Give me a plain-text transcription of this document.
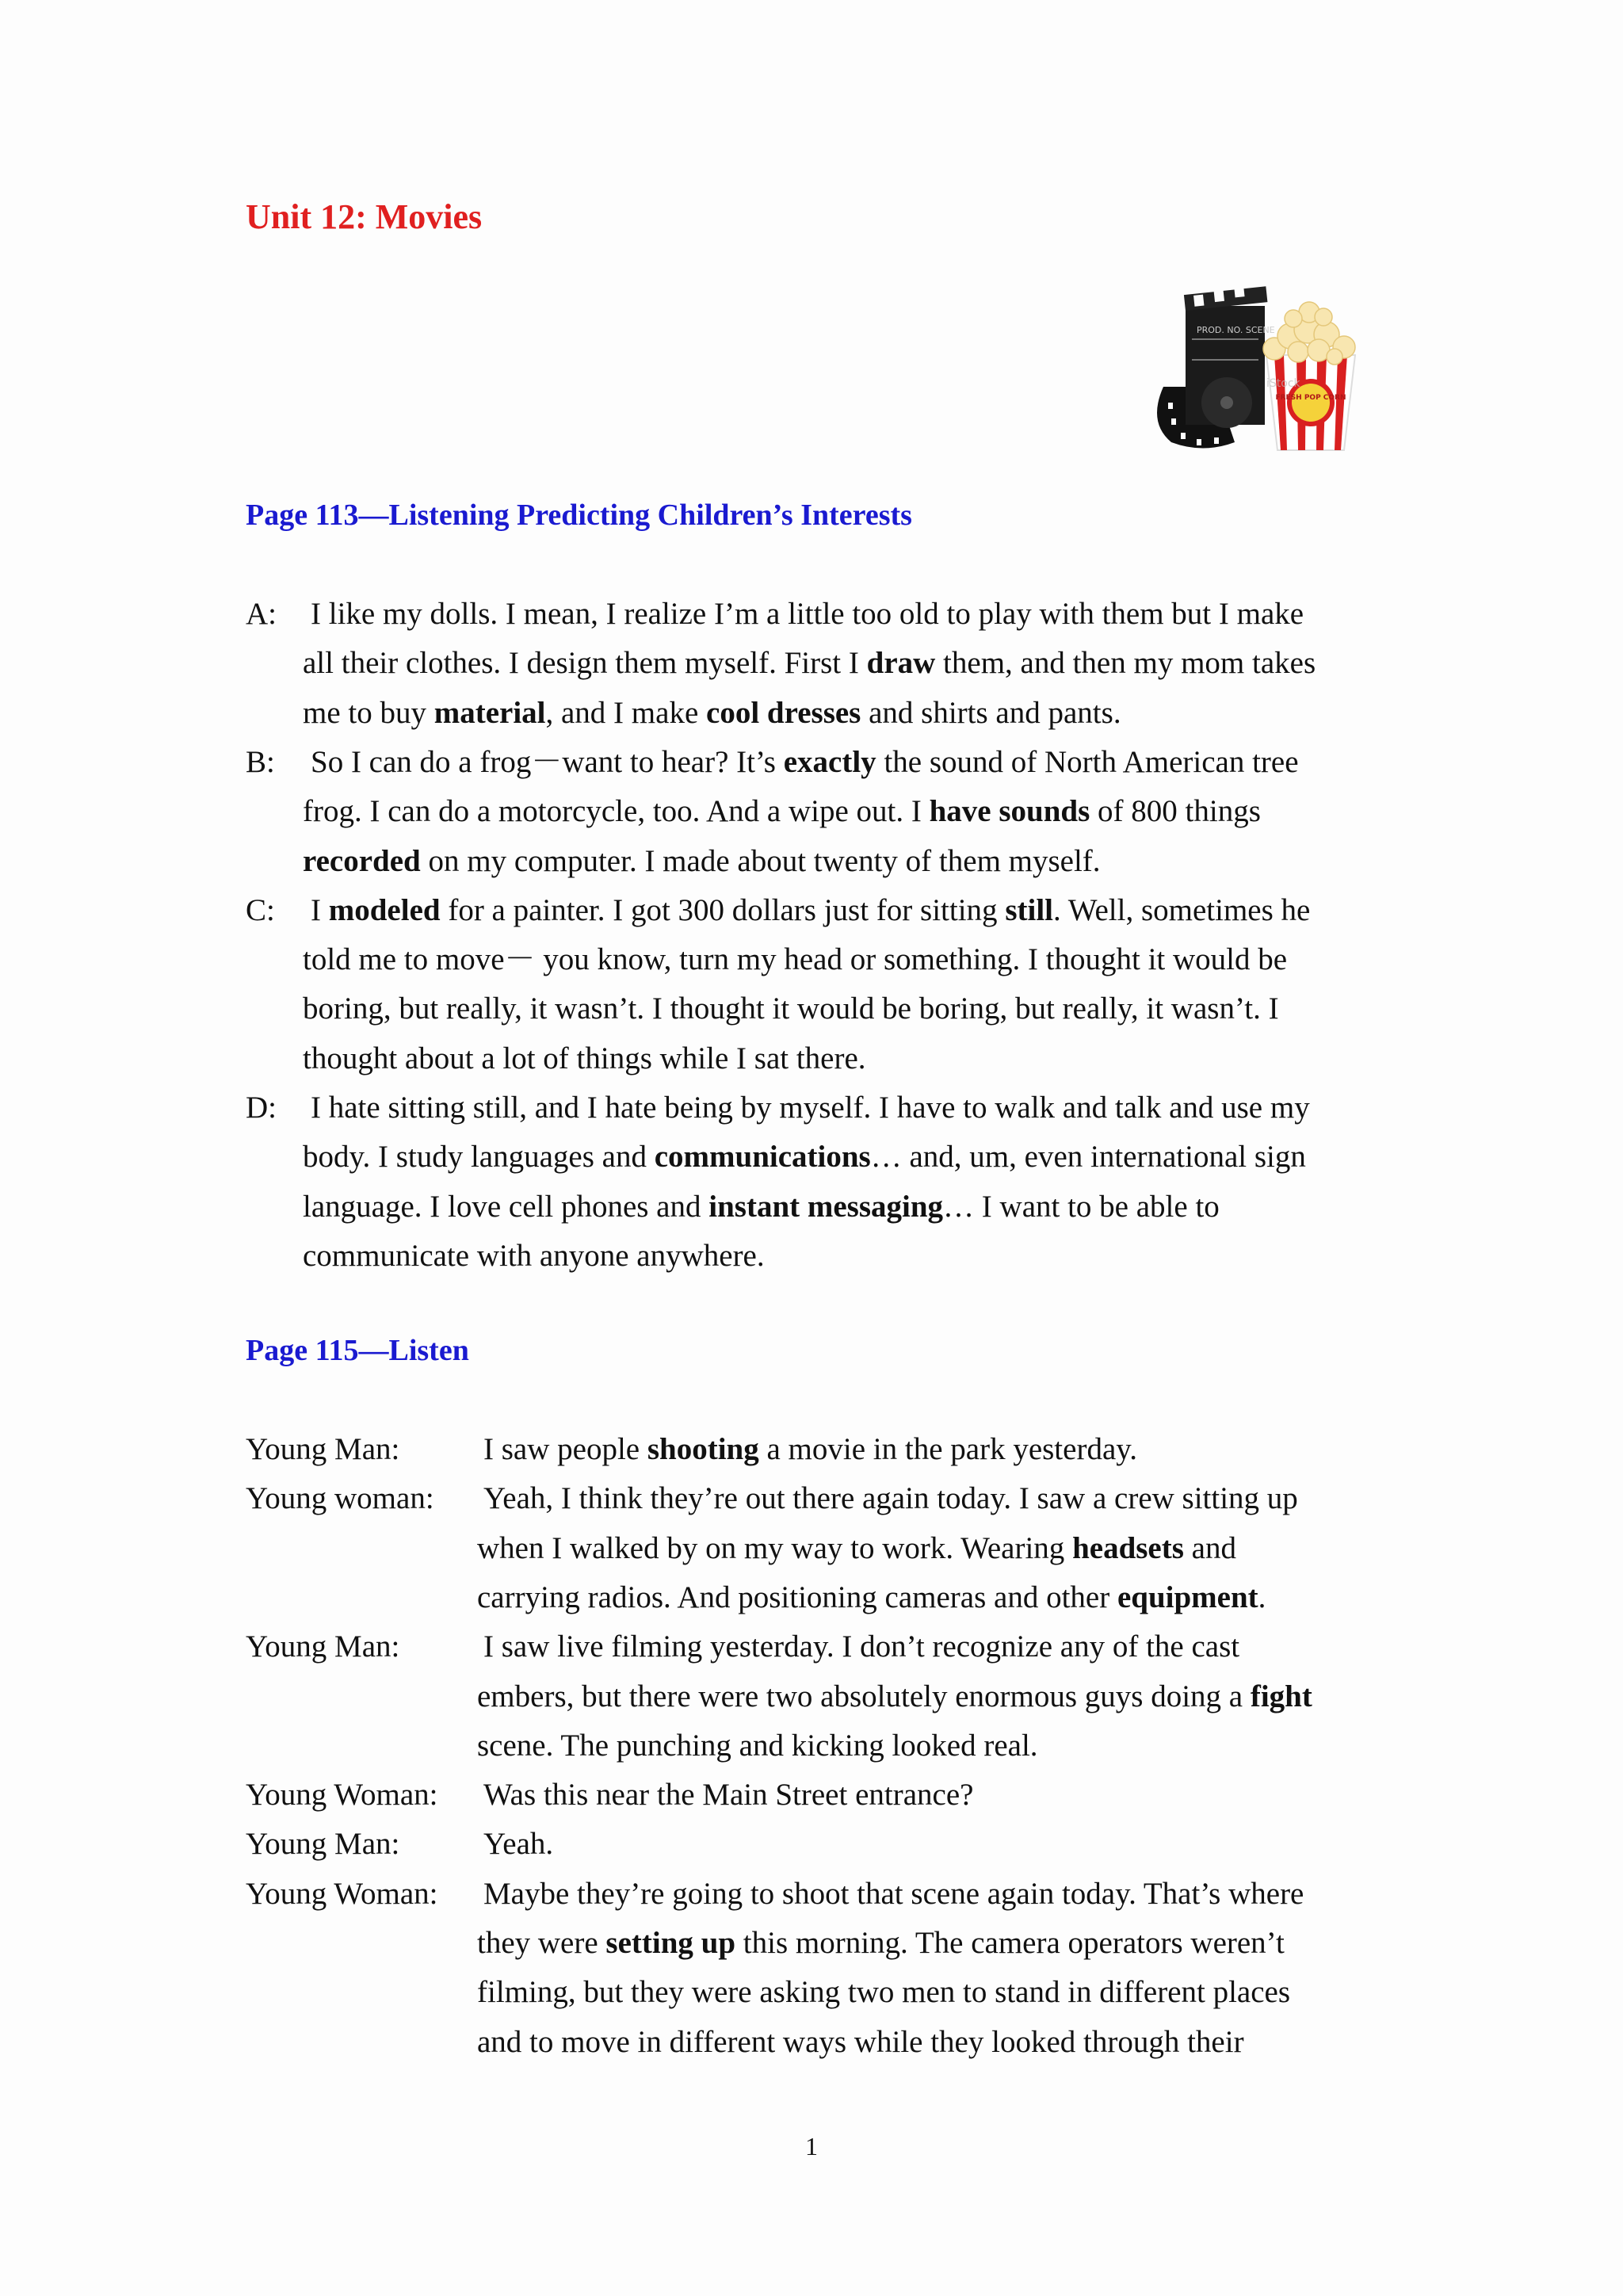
Unit 12: Movies
PROD. NO. SCENE
FRESH POP CORN
iStock
Page 113—Listening Predicting Children’s Interests
A: I like my dolls. I mean, I realize I’m a little too old to play with them but I make
all their clothes. I design them myself. First I draw them, and then my mom takes
me to buy material, and I make cool dresses and shirts and pants.
B: So I can do a frog－want to hear? It’s exactly the sound of North American tree
frog. I can do a motorcycle, too. And a wipe out. I have sounds of 800 things
recorded on my computer. I made about twenty of them myself.
C: I modeled for a painter. I got 300 dollars just for sitting still. Well, sometimes he
told me to move－ you know, turn my head or something. I thought it would be
boring, but really, it wasn’t. I thought it would be boring, but really, it wasn’t. I
thought about a lot of things while I sat there.
D: I hate sitting still, and I hate being by myself. I have to walk and talk and use my
body. I study languages and communications… and, um, even international sign
language. I love cell phones and instant messaging… I want to be able to
communicate with anyone anywhere.
Page 115—Listen
Young Man:	I saw people shooting a movie in the park yesterday.
Young woman: Yeah, I think they’re out there again today. I saw a crew sitting up
when I walked by on my way to work. Wearing headsets and
carrying radios. And positioning cameras and other equipment.
Young Man:	I saw live filming yesterday. I don’t recognize any of the cast
embers, but there were two absolutely enormous guys doing a fight
scene. The punching and kicking looked real.
Young Woman: Was this near the Main Street entrance?
Young Man:	Yeah.
Young Woman: Maybe they’re going to shoot that scene again today. That’s where
they were setting up this morning. The camera operators weren’t
filming, but they were asking two men to stand in different places
and to move in different ways while they looked through their
1
